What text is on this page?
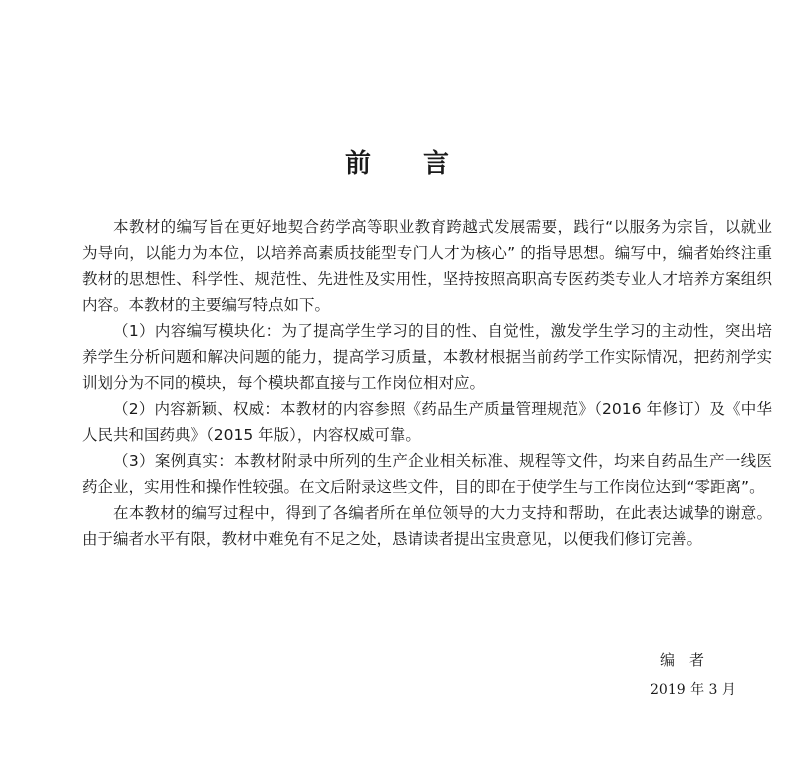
前言

本教材的编写旨在更好地契合药学高等职业教育跨越式发展需要，践行“以服务为宗旨，以就业为导向，以能力为本位，以培养高素质技能型专门人才为核心” 的指导思想。编写中，编者始终注重教材的思想性、科学性、规范性、先进性及实用性，坚持按照高职高专医药类专业人才培养方案组织内容。本教材的主要编写特点如下。

（1）内容编写模块化：为了提高学生学习的目的性、自觉性，激发学生学习的主动性，突出培养学生分析问题和解决问题的能力，提高学习质量，本教材根据当前药学工作实际情况，把药剂学实训划分为不同的模块，每个模块都直接与工作岗位相对应。

（2）内容新颖、权威：本教材的内容参照《药品生产质量管理规范》（2016 年修订）及《中华人民共和国药典》（2015 年版），内容权威可靠。

（3）案例真实：本教材附录中所列的生产企业相关标准、规程等文件，均来自药品生产一线医药企业，实用性和操作性较强。在文后附录这些文件，目的即在于使学生与工作岗位达到“零距离”。

在本教材的编写过程中，得到了各编者所在单位领导的大力支持和帮助，在此表达诚挚的谢意。由于编者水平有限，教材中难免有不足之处，恳请读者提出宝贵意见，以便我们修订完善。

编者
2019 年 3 月
